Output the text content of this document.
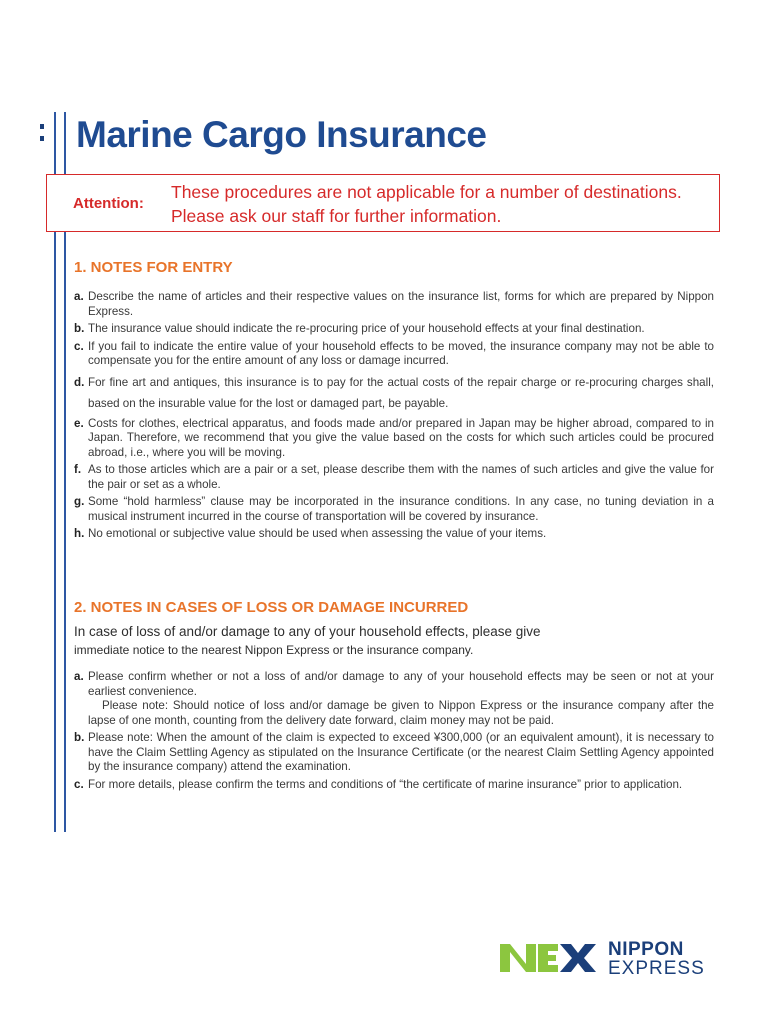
Marine Cargo Insurance
Attention:
These procedures are not applicable for a number of destinations.
Please ask our staff for further information.
1. NOTES FOR ENTRY
a. Describe the name of articles and their respective values on the insurance list, forms for which are prepared by Nippon Express.
b. The insurance value should indicate the re-procuring price of your household effects at your final destination.
c. If you fail to indicate the entire value of your household effects to be moved, the insurance company may not be able to compensate you for the entire amount of any loss or damage incurred.
d. For fine art and antiques, this insurance is to pay for the actual costs of the repair charge or re-procuring charges shall, based on the insurable value for the lost or damaged part, be payable.
e. Costs for clothes, electrical apparatus, and foods made and/or prepared in Japan may be higher abroad, compared to in Japan. Therefore, we recommend that you give the value based on the costs for which such articles could be procured abroad, i.e., where you will be moving.
f. As to those articles which are a pair or a set, please describe them with the names of such articles and give the value for the pair or set as a whole.
g. Some “hold harmless” clause may be incorporated in the insurance conditions. In any case, no tuning deviation in a musical instrument incurred in the course of transportation will be covered by insurance.
h. No emotional or subjective value should be used when assessing the value of your items.
2. NOTES IN CASES OF LOSS OR DAMAGE INCURRED
In case of loss of and/or damage to any of your household effects, please give
immediate notice to the nearest Nippon Express or the insurance company.
a. Please confirm whether or not a loss of and/or damage to any of your household effects may be seen or not at your earliest convenience.
Please note: Should notice of loss and/or damage be given to Nippon Express or the insurance company after the lapse of one month, counting from the delivery date forward, claim money may not be paid.
b. Please note: When the amount of the claim is expected to exceed ¥300,000 (or an equivalent amount), it is necessary to have the Claim Settling Agency as stipulated on the Insurance Certificate (or the nearest Claim Settling Agency appointed by the insurance company) attend the examination.
c. For more details, please confirm the terms and conditions of “the certificate of marine insurance” prior to application.
NIPPON
EXPRESS
